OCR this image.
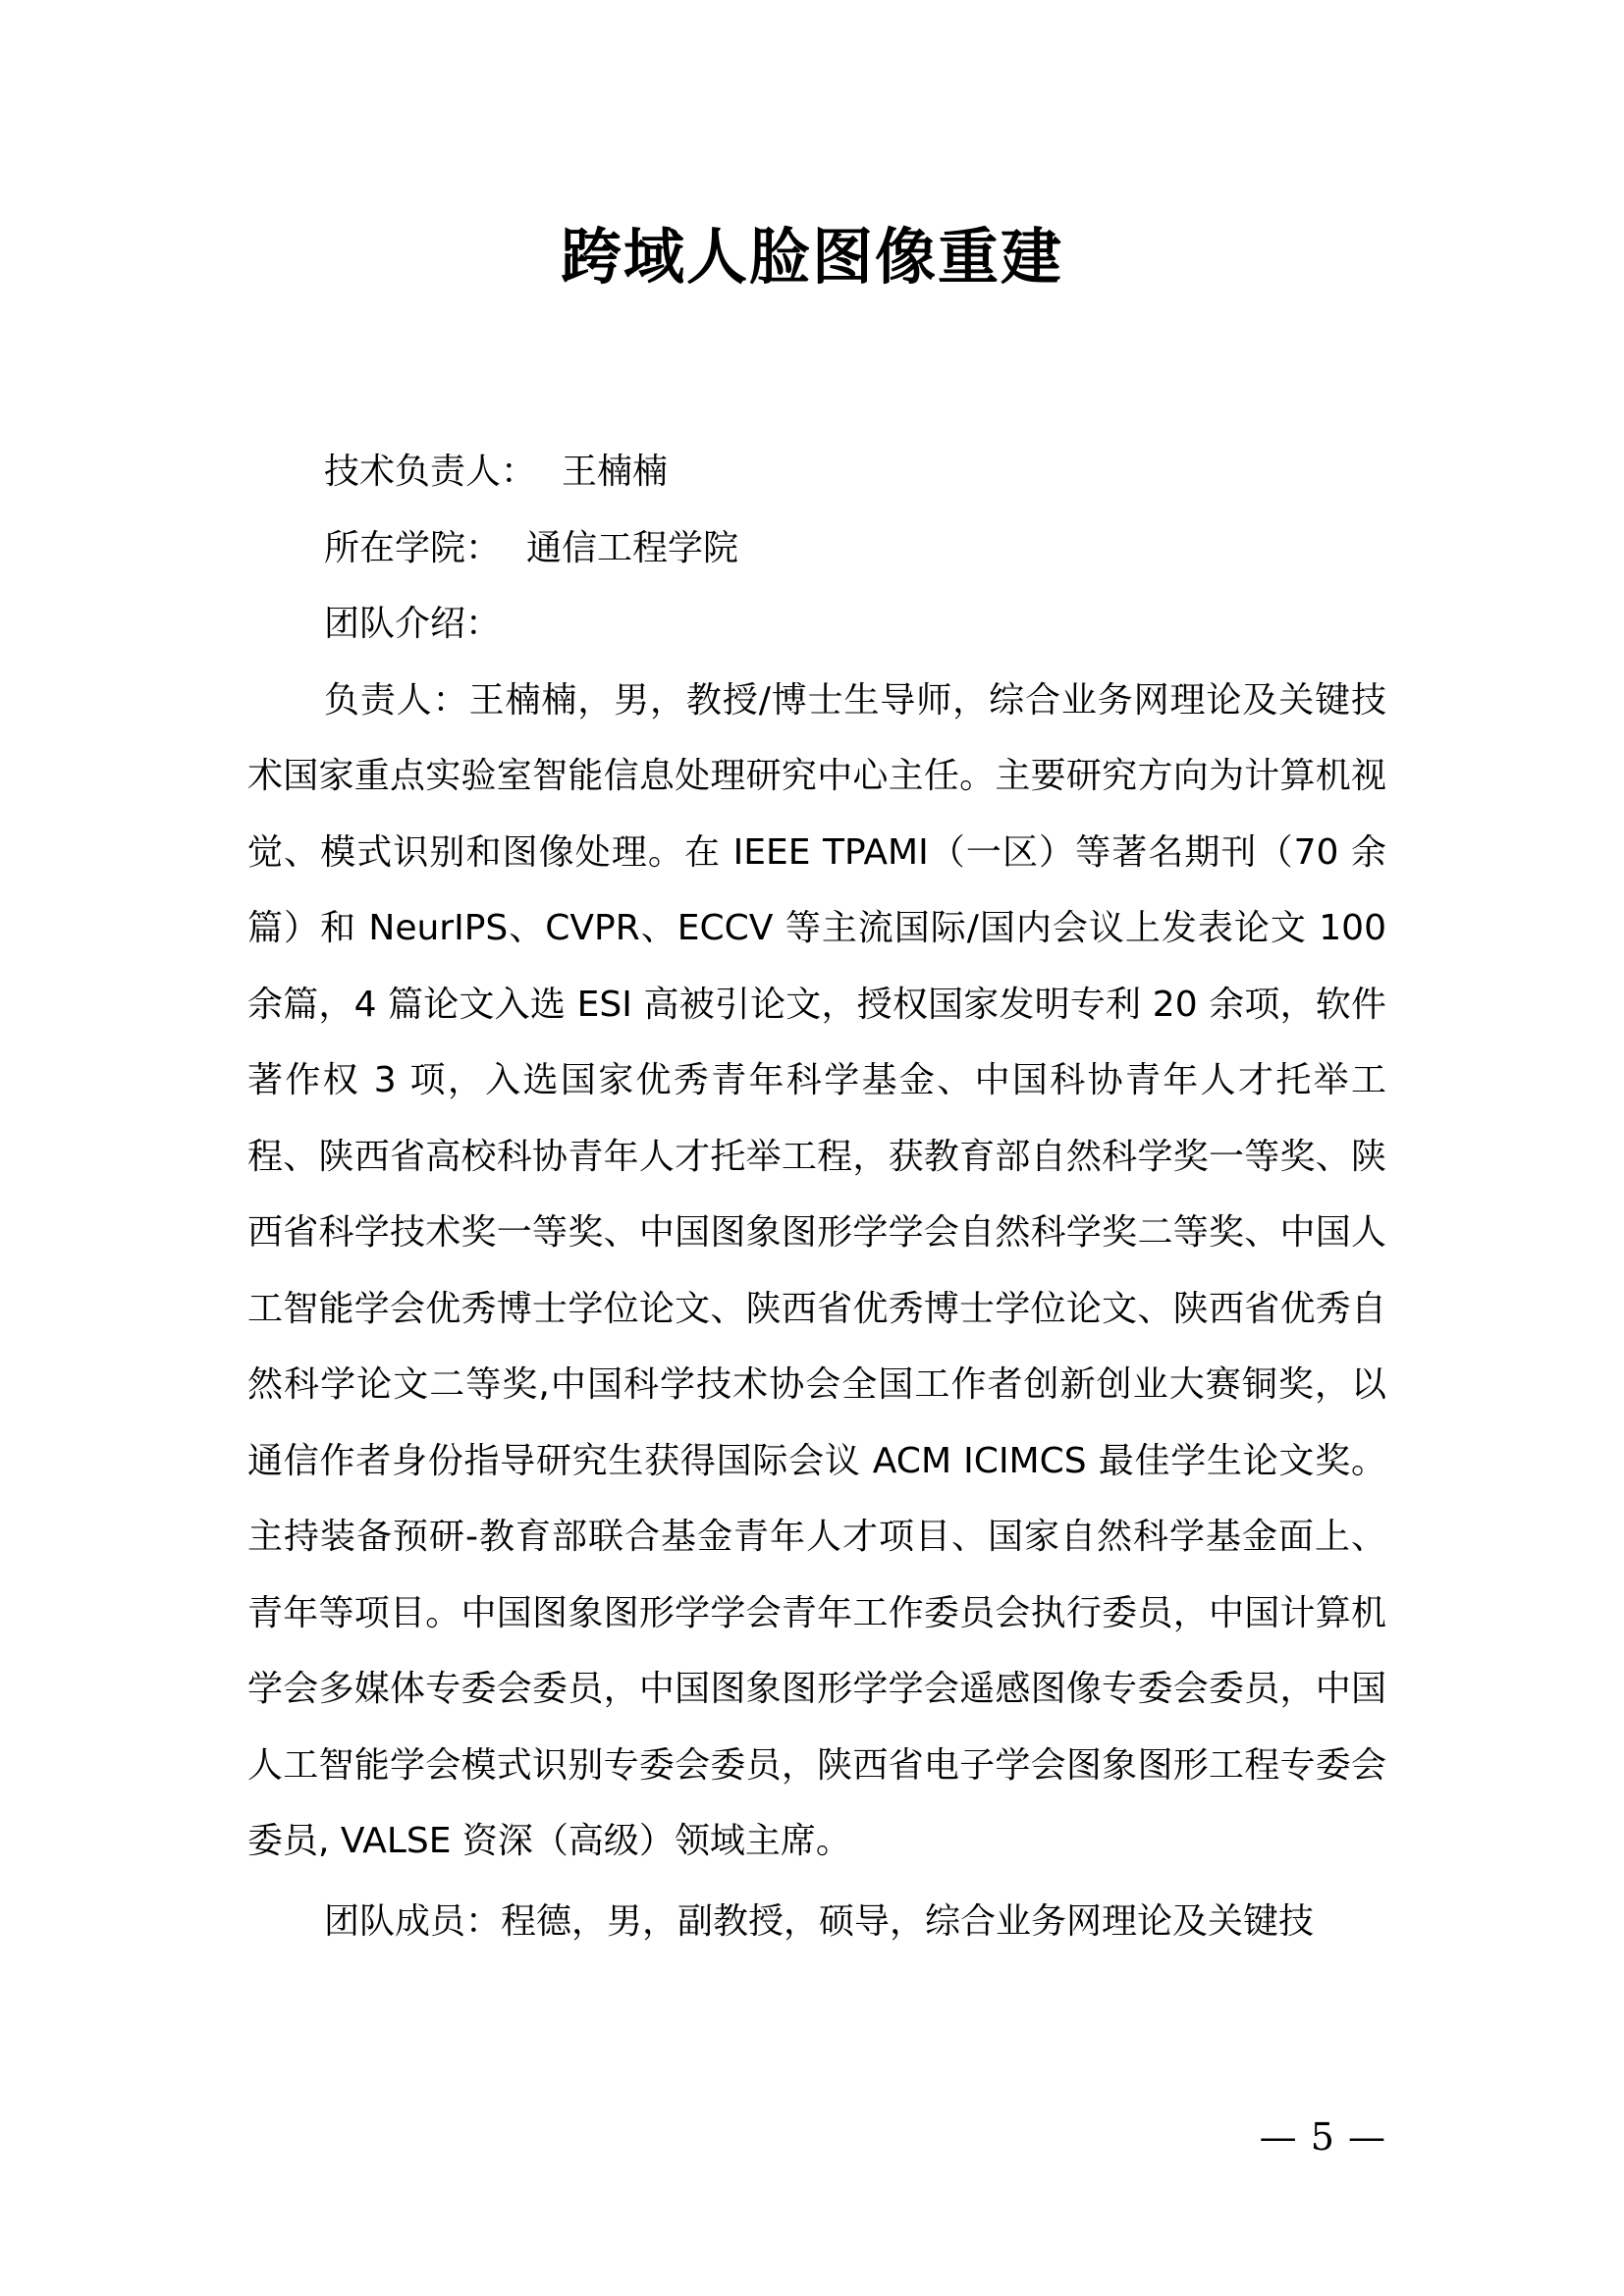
跨域人脸图像重建

技术负责人： 王楠楠

所在学院： 通信工程学院

团队介绍：

负责人：王楠楠，男，教授/博士生导师，综合业务网理论及关键技术国家重点实验室智能信息处理研究中心主任。主要研究方向为计算机视觉、模式识别和图像处理。在 IEEE TPAMI（一区）等著名期刊（70 余篇）和 NeurIPS、CVPR、ECCV 等主流国际/国内会议上发表论文 100 余篇，4 篇论文入选 ESI 高被引论文，授权国家发明专利 20 余项，软件著作权 3 项，入选国家优秀青年科学基金、中国科协青年人才托举工程、陕西省高校科协青年人才托举工程，获教育部自然科学奖一等奖、陕西省科学技术奖一等奖、中国图象图形学学会自然科学奖二等奖、中国人工智能学会优秀博士学位论文、陕西省优秀博士学位论文、陕西省优秀自然科学论文二等奖,中国科学技术协会全国工作者创新创业大赛铜奖，以通信作者身份指导研究生获得国际会议 ACM ICIMCS 最佳学生论文奖。主持装备预研-教育部联合基金青年人才项目、国家自然科学基金面上、青年等项目。中国图象图形学学会青年工作委员会执行委员，中国计算机学会多媒体专委会委员，中国图象图形学学会遥感图像专委会委员，中国人工智能学会模式识别专委会委员，陕西省电子学会图象图形工程专委会委员, VALSE 资深（高级）领域主席。

团队成员：程德，男，副教授，硕导，综合业务网理论及关键技

— 5 —
